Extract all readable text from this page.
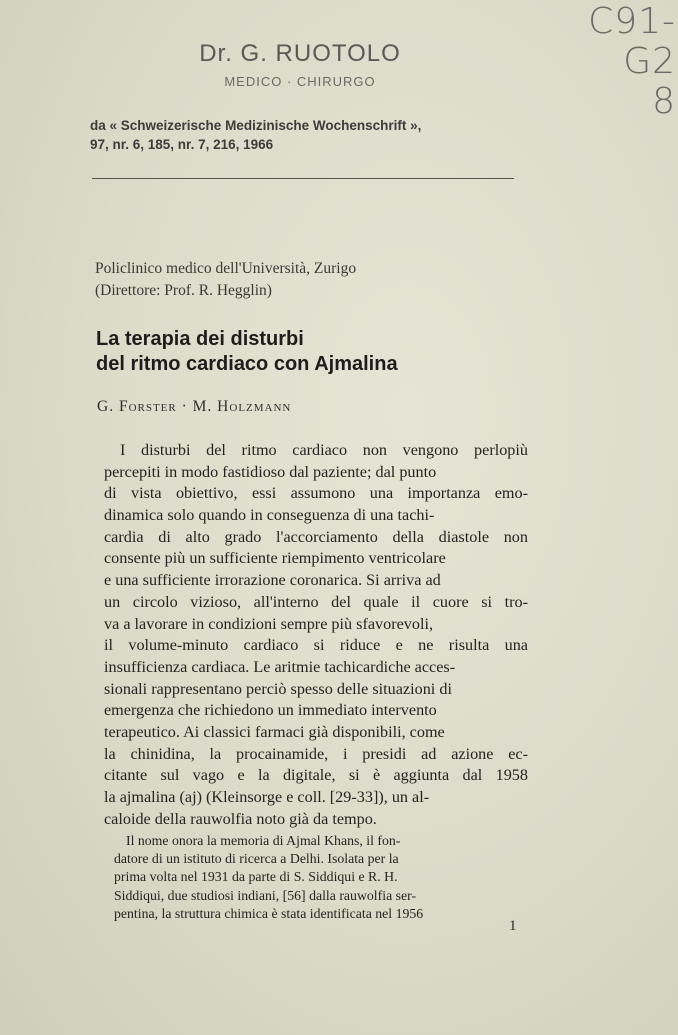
C91-G2
8
Dr. G. RUOTOLO
MEDICO · CHIRURGO
da « Schweizerische Medizinische Wochenschrift »,
97, nr. 6, 185, nr. 7, 216, 1966
Policlinico medico dell'Università, Zurigo
(Direttore: Prof. R. Hegglin)
La terapia dei disturbi
del ritmo cardiaco con Ajmalina
G. Forster · M. Holzmann
I disturbi del ritmo cardiaco non vengono perlopiù
percepiti in modo fastidioso dal paziente; dal punto
di vista obiettivo, essi assumono una importanza emo-
dinamica solo quando in conseguenza di una tachi-
cardia di alto grado l'accorciamento della diastole non
consente più un sufficiente riempimento ventricolare
e una sufficiente irrorazione coronarica. Si arriva ad
un circolo vizioso, all'interno del quale il cuore si tro-
va a lavorare in condizioni sempre più sfavorevoli,
il volume-minuto cardiaco si riduce e ne risulta una
insufficienza cardiaca. Le aritmie tachicardiche acces-
sionali rappresentano perciò spesso delle situazioni di
emergenza che richiedono un immediato intervento
terapeutico. Ai classici farmaci già disponibili, come
la chinidina, la procainamide, i presidi ad azione ec-
citante sul vago e la digitale, si è aggiunta dal 1958
la ajmalina (aj) (Kleinsorge e coll. [29-33]), un al-
caloide della rauwolfia noto già da tempo.
Il nome onora la memoria di Ajmal Khans, il fon-
datore di un istituto di ricerca a Delhi. Isolata per la
prima volta nel 1931 da parte di S. Siddiqui e R. H.
Siddiqui, due studiosi indiani, [56] dalla rauwolfia ser-
pentina, la struttura chimica è stata identificata nel 1956
1
